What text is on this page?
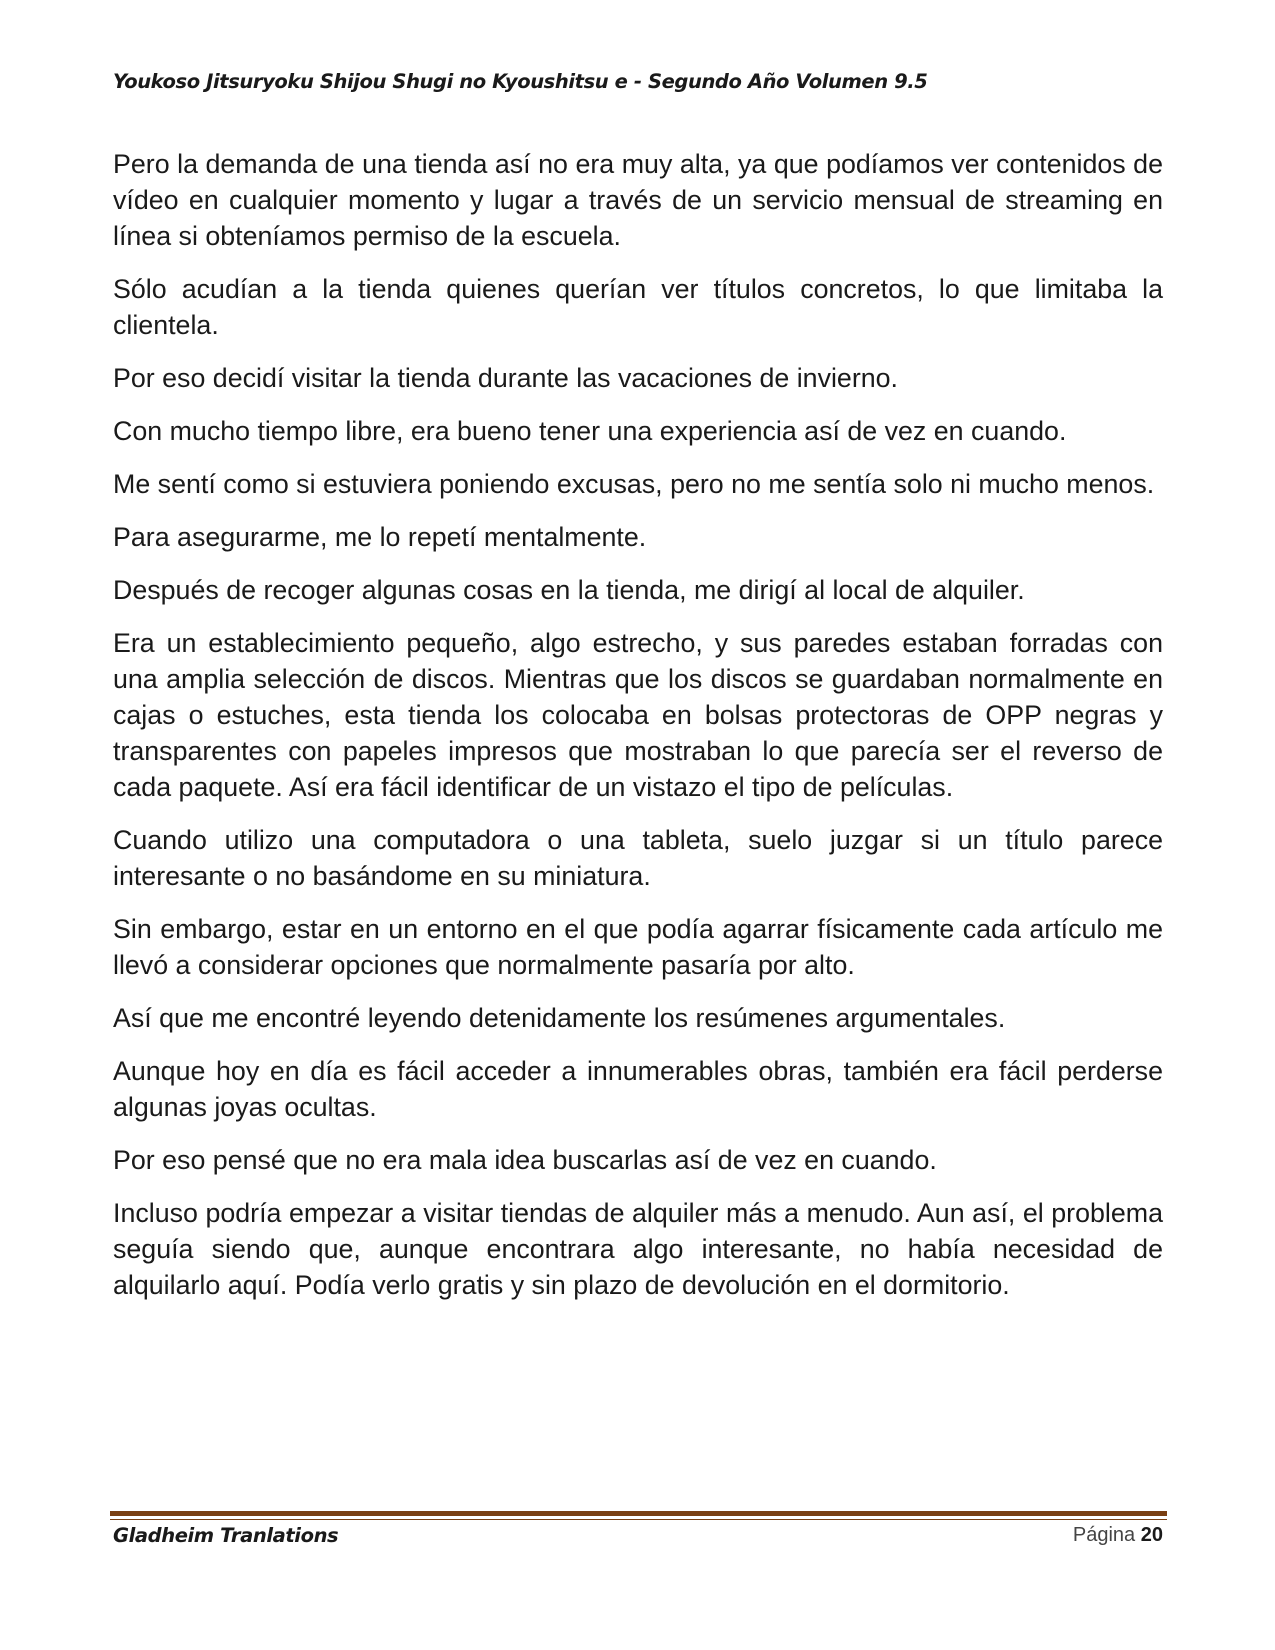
Youkoso Jitsuryoku Shijou Shugi no Kyoushitsu e - Segundo Año Volumen 9.5

Pero la demanda de una tienda así no era muy alta, ya que podíamos ver contenidos de vídeo en cualquier momento y lugar a través de un servicio mensual de streaming en línea si obteníamos permiso de la escuela.

Sólo acudían a la tienda quienes querían ver títulos concretos, lo que limitaba la clientela.

Por eso decidí visitar la tienda durante las vacaciones de invierno.

Con mucho tiempo libre, era bueno tener una experiencia así de vez en cuando.

Me sentí como si estuviera poniendo excusas, pero no me sentía solo ni mucho menos.

Para asegurarme, me lo repetí mentalmente.

Después de recoger algunas cosas en la tienda, me dirigí al local de alquiler.

Era un establecimiento pequeño, algo estrecho, y sus paredes estaban forradas con una amplia selección de discos. Mientras que los discos se guardaban normalmente en cajas o estuches, esta tienda los colocaba en bolsas protectoras de OPP negras y transparentes con papeles impresos que mostraban lo que parecía ser el reverso de cada paquete. Así era fácil identificar de un vistazo el tipo de películas.

Cuando utilizo una computadora o una tableta, suelo juzgar si un título parece interesante o no basándome en su miniatura.

Sin embargo, estar en un entorno en el que podía agarrar físicamente cada artículo me llevó a considerar opciones que normalmente pasaría por alto.

Así que me encontré leyendo detenidamente los resúmenes argumentales.

Aunque hoy en día es fácil acceder a innumerables obras, también era fácil perderse algunas joyas ocultas.

Por eso pensé que no era mala idea buscarlas así de vez en cuando.

Incluso podría empezar a visitar tiendas de alquiler más a menudo. Aun así, el problema seguía siendo que, aunque encontrara algo interesante, no había necesidad de alquilarlo aquí. Podía verlo gratis y sin plazo de devolución en el dormitorio.

Gladheim Tranlations	Página 20
